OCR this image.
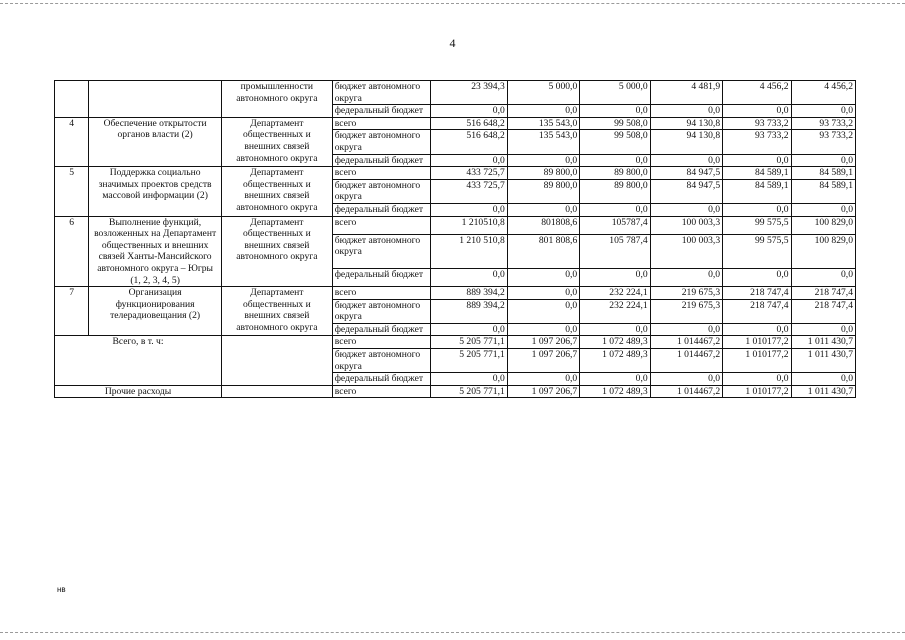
4
		промышленности автономного округа	бюджет автономного округа	23 394,3	5 000,0	5 000,0	4 481,9	4 456,2	4 456,2
			федеральный бюджет	0,0	0,0	0,0	0,0	0,0	0,0
4	Обеспечение открытости органов власти (2)	Департамент общественных и внешних связей автономного округа	всего	516 648,2	135 543,0	99 508,0	94 130,8	93 733,2	93 733,2
			бюджет автономного округа	516 648,2	135 543,0	99 508,0	94 130,8	93 733,2	93 733,2
			федеральный бюджет	0,0	0,0	0,0	0,0	0,0	0,0
5	Поддержка социально значимых проектов средств массовой информации (2)	Департамент общественных и внешних связей автономного округа	всего	433 725,7	89 800,0	89 800,0	84 947,5	84 589,1	84 589,1
			бюджет автономного округа	433 725,7	89 800,0	89 800,0	84 947,5	84 589,1	84 589,1
			федеральный бюджет	0,0	0,0	0,0	0,0	0,0	0,0
6	Выполнение функций, возложенных на Департамент общественных и внешних связей Ханты-Мансийского автономного округа – Югры (1, 2, 3, 4, 5)	Департамент общественных и внешних связей автономного округа	всего	1 210510,8	801808,6	105787,4	100 003,3	99 575,5	100 829,0
			бюджет автономного округа	1 210 510,8	801 808,6	105 787,4	100 003,3	99 575,5	100 829,0
			федеральный бюджет	0,0	0,0	0,0	0,0	0,0	0,0
7	Организация функционирования телерадиовещания (2)	Департамент общественных и внешних связей автономного округа	всего	889 394,2	0,0	232 224,1	219 675,3	218 747,4	218 747,4
			бюджет автономного округа	889 394,2	0,0	232 224,1	219 675,3	218 747,4	218 747,4
			федеральный бюджет	0,0	0,0	0,0	0,0	0,0	0,0
Всего, в т. ч:			всего	5 205 771,1	1 097 206,7	1 072 489,3	1 014467,2	1 010177,2	1 011 430,7
			бюджет автономного округа	5 205 771,1	1 097 206,7	1 072 489,3	1 014467,2	1 010177,2	1 011 430,7
			федеральный бюджет	0,0	0,0	0,0	0,0	0,0	0,0
Прочие расходы			всего	5 205 771,1	1 097 206,7	1 072 489,3	1 014467,2	1 010177,2	1 011 430,7
нв
